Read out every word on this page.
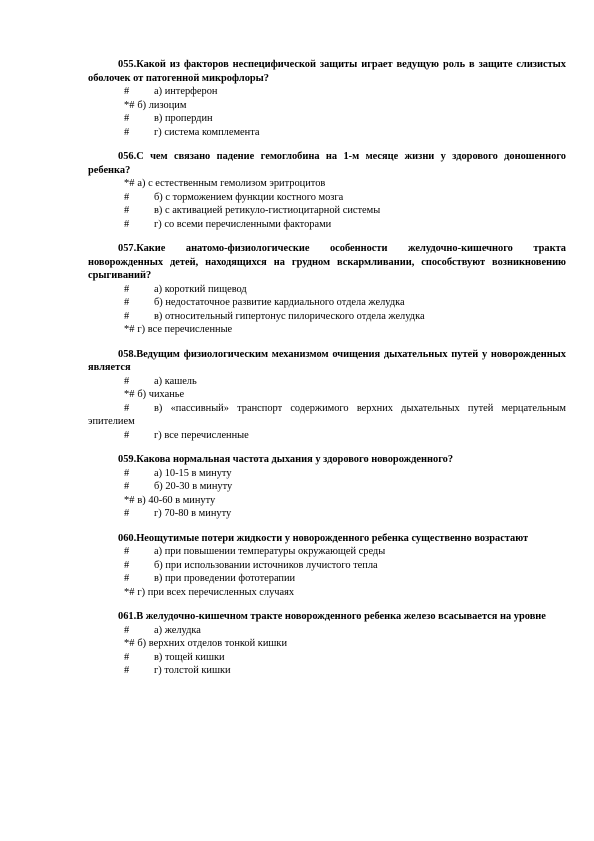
055.Какой из факторов неспецифической защиты играет ведущую роль в защите слизистых оболочек от патогенной микрофлоры?

# а) интерферон
*# б) лизоцим
# в) пропердин
# г) система комплемента

056.С чем связано падение гемоглобина на 1-м месяце жизни у здорового доношенного ребенка?

*# а) с естественным гемолизом эритроцитов
# б) с торможением функции костного мозга
# в) с активацией ретикуло-гистиоцитарной системы
# г) со всеми перечисленными факторами

057.Какие анатомо-физиологические особенности желудочно-кишечного тракта новорожденных детей, находящихся на грудном вскармливании, способствуют возникновению срыгиваний?

# а) короткий пищевод
# б) недостаточное развитие кардиального отдела желудка
# в) относительный гипертонус пилорического отдела желудка
*# г) все перечисленные

058.Ведущим физиологическим механизмом очищения дыхательных путей у новорожденных является

# а) кашель
*# б) чиханье
# в) «пассивный» транспорт содержимого верхних дыхательных путей мерцательным эпителием
# г) все перечисленные

059.Какова нормальная частота дыхания у здорового новорожденного?

# а) 10-15 в минуту
# б) 20-30 в минуту
*# в) 40-60 в минуту
# г) 70-80 в минуту

060.Неощутимые потери жидкости у новорожденного ребенка существенно возрастают

# а) при повышении температуры окружающей среды
# б) при использовании источников лучистого тепла
# в) при проведении фототерапии
*# г) при всех перечисленных случаях

061.В желудочно-кишечном тракте новорожденного ребенка железо всасывается на уровне

# а) желудка
*# б) верхних отделов тонкой кишки
# в) тощей кишки
# г) толстой кишки
